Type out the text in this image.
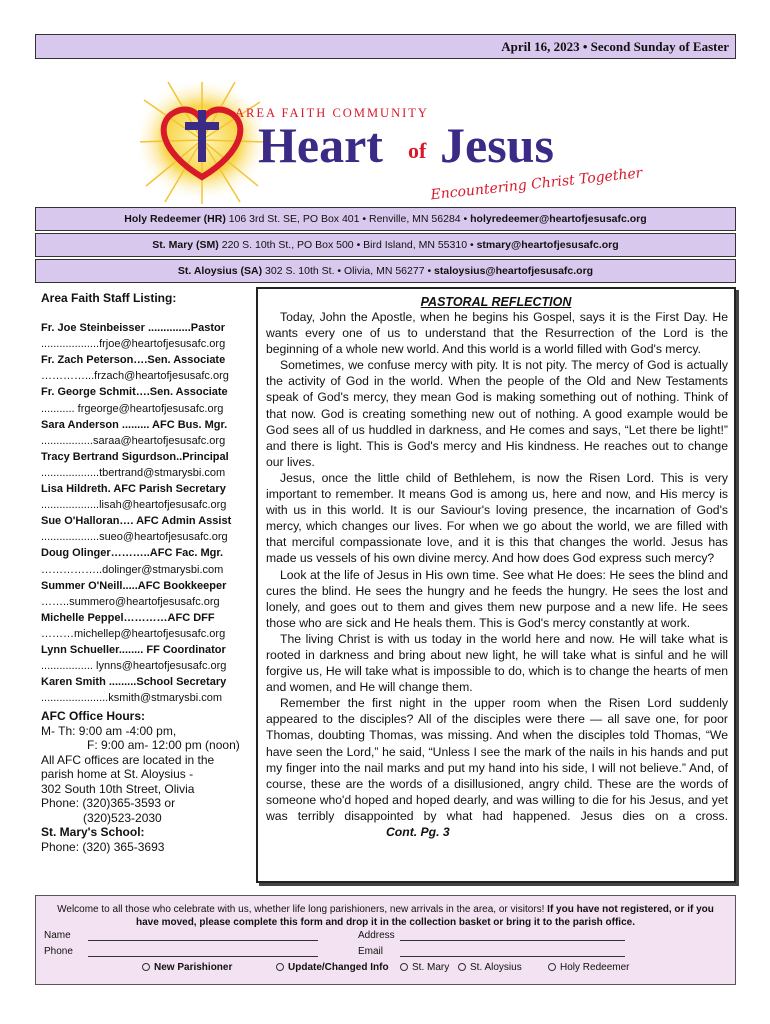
April 16, 2023 • Second Sunday of Easter
AREA FAITH COMMUNITY
Heart of Jesus
Encountering Christ Together
Holy Redeemer (HR) 106 3rd St. SE, PO Box 401 • Renville, MN 56284 • holyredeemer@heartofjesusafc.org
St. Mary (SM) 220 S. 10th St., PO Box 500 • Bird Island, MN 55310 • stmary@heartofjesusafc.org
St. Aloysius (SA) 302 S. 10th St. • Olivia, MN 56277 • staloysius@heartofjesusafc.org
Area Faith Staff Listing:
Fr. Joe Steinbeisser ..............Pastor
...................frjoe@heartofjesusafc.org
Fr. Zach Peterson….Sen. Associate
…………...frzach@heartofjesusafc.org
Fr. George Schmit….Sen. Associate
........... frgeorge@heartofjesusafc.org
Sara Anderson ......... AFC Bus. Mgr.
.................saraa@heartofjesusafc.org
Tracy Bertrand Sigurdson..Principal
...................tbertrand@stmarysbi.com
Lisa Hildreth. AFC Parish Secretary
...................lisah@heartofjesusafc.org
Sue O'Halloran…. AFC Admin Assist
...................sueo@heartofjesusafc.org
Doug Olinger………..AFC Fac. Mgr.
……………..dolinger@stmarysbi.com
Summer O'Neill.....AFC Bookkeeper
……..summero@heartofjesusafc.org
Michelle Peppel…………AFC DFF
………michellep@heartofjesusafc.org
Lynn Schueller........ FF Coordinator
................. lynns@heartofjesusafc.org
Karen Smith .........School Secretary
......................ksmith@stmarysbi.com
AFC Office Hours:
M- Th: 9:00 am -4:00 pm,
F: 9:00 am- 12:00 pm (noon)
All AFC offices are located in the
parish home at St. Aloysius -
302 South 10th Street, Olivia
Phone: (320)365-3593 or
(320)523-2030
St. Mary's School:
Phone: (320) 365-3693
PASTORAL REFLECTION

Today, John the Apostle, when he begins his Gospel, says it is the First Day. He wants every one of us to understand that the Resurrection of the Lord is the beginning of a whole new world. And this world is a world filled with God's mercy.

Sometimes, we confuse mercy with pity. It is not pity. The mercy of God is actually the activity of God in the world. When the people of the Old and New Testaments speak of God's mercy, they mean God is making something out of nothing. Think of that now. God is creating something new out of nothing. A good example would be God sees all of us huddled in darkness, and He comes and says, “Let there be light!” and there is light. This is God's mercy and His kindness. He reaches out to change our lives.

Jesus, once the little child of Bethlehem, is now the Risen Lord. This is very important to remember. It means God is among us, here and now, and His mercy is with us in this world. It is our Saviour's loving presence, the incarnation of God's mercy, which changes our lives. For when we go about the world, we are filled with that merciful compassionate love, and it is this that changes the world. Jesus has made us vessels of his own divine mercy. And how does God express such mercy?

Look at the life of Jesus in His own time. See what He does: He sees the blind and cures the blind. He sees the hungry and he feeds the hungry. He sees the lost and lonely, and goes out to them and gives them new purpose and a new life. He sees those who are sick and He heals them. This is God's mercy constantly at work.

The living Christ is with us today in the world here and now. He will take what is rooted in darkness and bring about new light, he will take what is sinful and he will forgive us, He will take what is impossible to do, which is to change the hearts of men and women, and He will change them.

Remember the first night in the upper room when the Risen Lord suddenly appeared to the disciples? All of the disciples were there — all save one, for poor Thomas, doubting Thomas, was missing. And when the disciples told Thomas, “We have seen the Lord,” he said, “Unless I see the mark of the nails in his hands and put my finger into the nail marks and put my hand into his side, I will not believe.” And, of course, these are the words of a disillusioned, angry child. These are the words of someone who'd hoped and hoped dearly, and was willing to die for his Jesus, and yet was terribly disappointed by what had happened. Jesus dies on a cross.Cont. Pg. 3

Welcome to all those who celebrate with us, whether life long parishioners, new arrivals in the area, or visitors! If you have not registered, or if you have moved, please complete this form and drop it in the collection basket or bring it to the parish office.
Name	Address
Phone	Email
New Parishioner	Update/Changed Info	St. Mary	St. Aloysius	Holy Redeemer
